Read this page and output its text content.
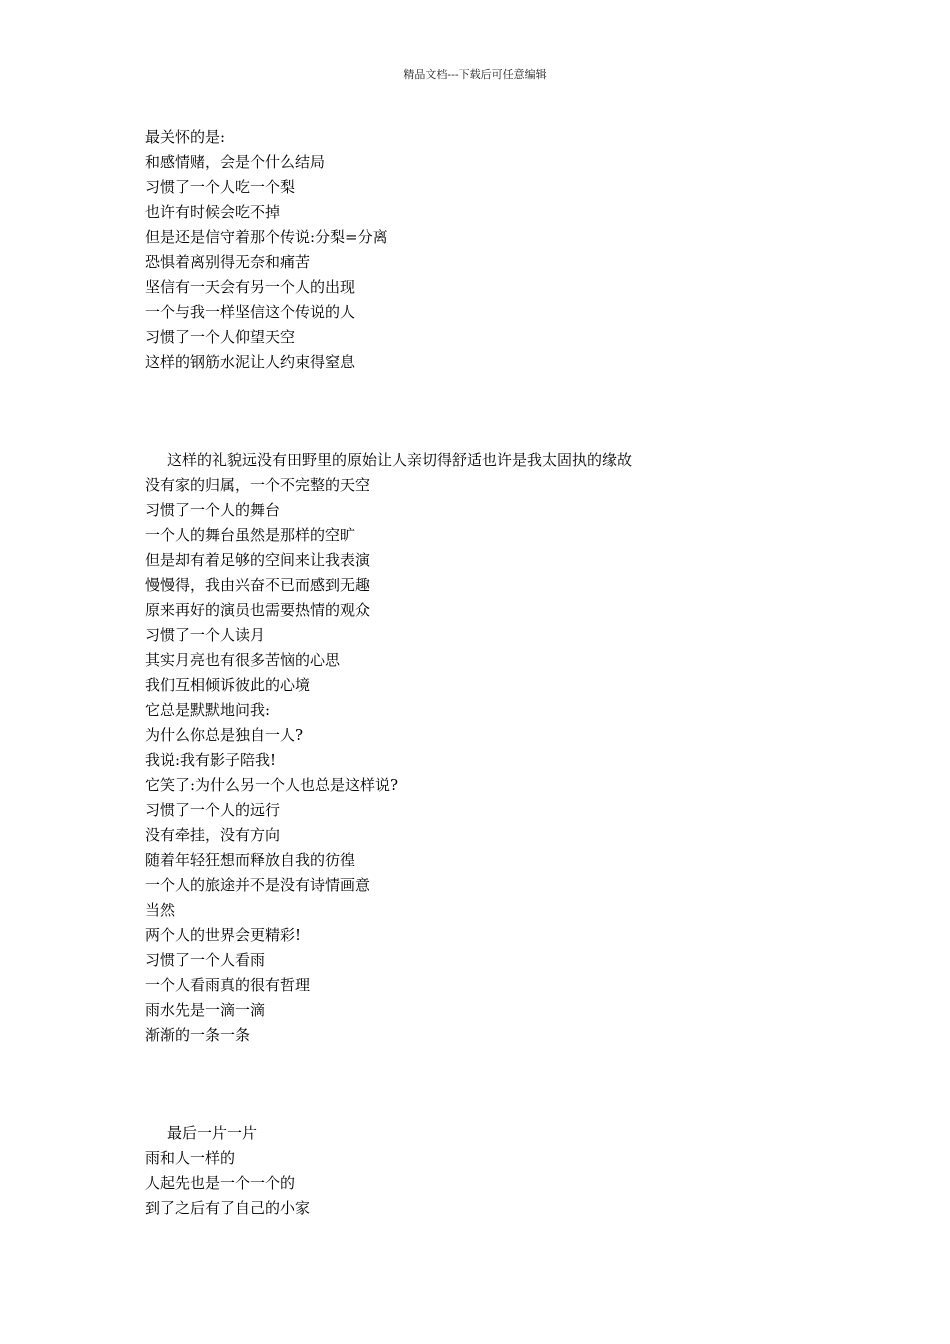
精品文档---下载后可任意编辑
最关怀的是:
和感情赌，会是个什么结局
习惯了一个人吃一个梨
也许有时候会吃不掉
但是还是信守着那个传说:分梨=分离
恐惧着离别得无奈和痛苦
坚信有一天会有另一个人的出现
一个与我一样坚信这个传说的人
习惯了一个人仰望天空
这样的钢筋水泥让人约束得窒息
这样的礼貌远没有田野里的原始让人亲切得舒适也许是我太固执的缘故
没有家的归属，一个不完整的天空
习惯了一个人的舞台
一个人的舞台虽然是那样的空旷
但是却有着足够的空间来让我表演
慢慢得，我由兴奋不已而感到无趣
原来再好的演员也需要热情的观众
习惯了一个人读月
其实月亮也有很多苦恼的心思
我们互相倾诉彼此的心境
它总是默默地问我:
为什么你总是独自一人?
我说:我有影子陪我!
它笑了:为什么另一个人也总是这样说?
习惯了一个人的远行
没有牵挂，没有方向
随着年轻狂想而释放自我的彷徨
一个人的旅途并不是没有诗情画意
当然
两个人的世界会更精彩!
习惯了一个人看雨
一个人看雨真的很有哲理
雨水先是一滴一滴
渐渐的一条一条
最后一片一片
雨和人一样的
人起先也是一个一个的
到了之后有了自己的小家
